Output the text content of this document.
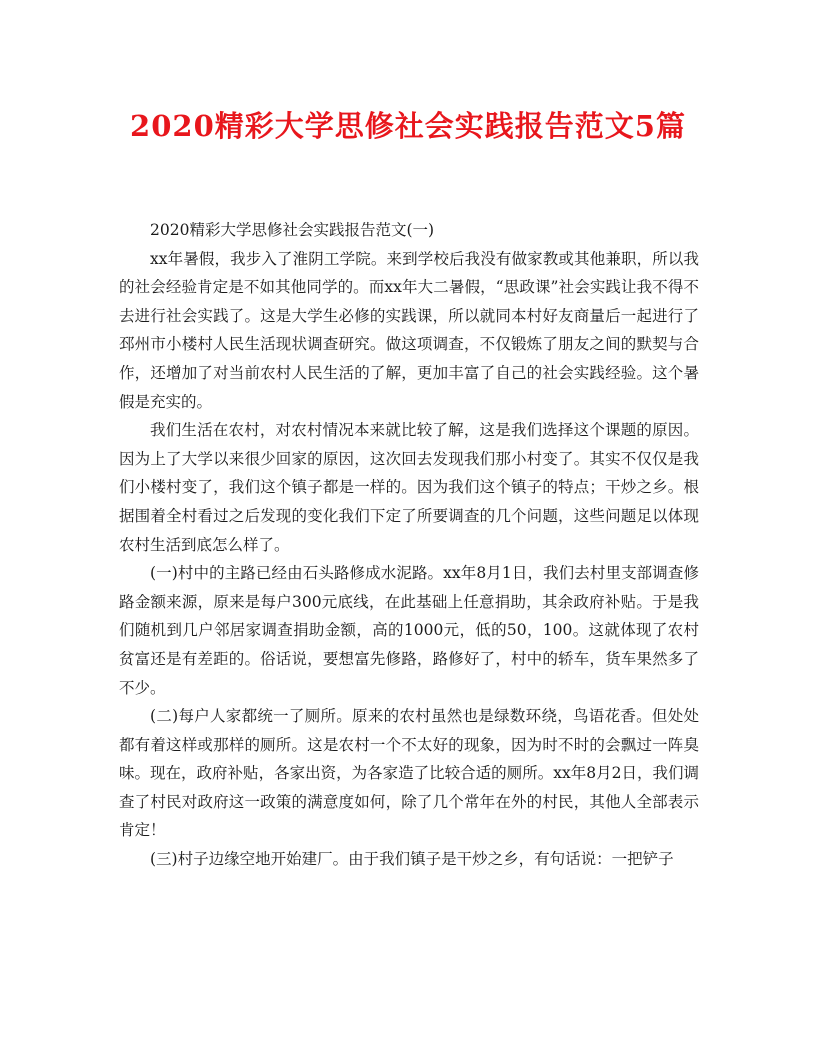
2020精彩大学思修社会实践报告范文5篇

2020精彩大学思修社会实践报告范文(一)

xx年暑假，我步入了淮阴工学院。来到学校后我没有做家教或其他兼职，所以我的社会经验肯定是不如其他同学的。而xx年大二暑假，“思政课”社会实践让我不得不去进行社会实践了。这是大学生必修的实践课，所以就同本村好友商量后一起进行了邳州市小楼村人民生活现状调查研究。做这项调查，不仅锻炼了朋友之间的默契与合作，还增加了对当前农村人民生活的了解，更加丰富了自己的社会实践经验。这个暑假是充实的。

我们生活在农村，对农村情况本来就比较了解，这是我们选择这个课题的原因。因为上了大学以来很少回家的原因，这次回去发现我们那小村变了。其实不仅仅是我们小楼村变了，我们这个镇子都是一样的。因为我们这个镇子的特点；干炒之乡。根据围着全村看过之后发现的变化我们下定了所要调查的几个问题，这些问题足以体现农村生活到底怎么样了。

(一)村中的主路已经由石头路修成水泥路。xx年8月1日，我们去村里支部调查修路金额来源，原来是每户300元底线，在此基础上任意捐助，其余政府补贴。于是我们随机到几户邻居家调查捐助金额，高的1000元，低的50，100。这就体现了农村贫富还是有差距的。俗话说，要想富先修路，路修好了，村中的轿车，货车果然多了不少。

(二)每户人家都统一了厕所。原来的农村虽然也是绿数环绕，鸟语花香。但处处都有着这样或那样的厕所。这是农村一个不太好的现象，因为时不时的会飘过一阵臭味。现在，政府补贴，各家出资，为各家造了比较合适的厕所。xx年8月2日，我们调查了村民对政府这一政策的满意度如何，除了几个常年在外的村民，其他人全部表示肯定！

(三)村子边缘空地开始建厂。由于我们镇子是干炒之乡，有句话说：一把铲子
